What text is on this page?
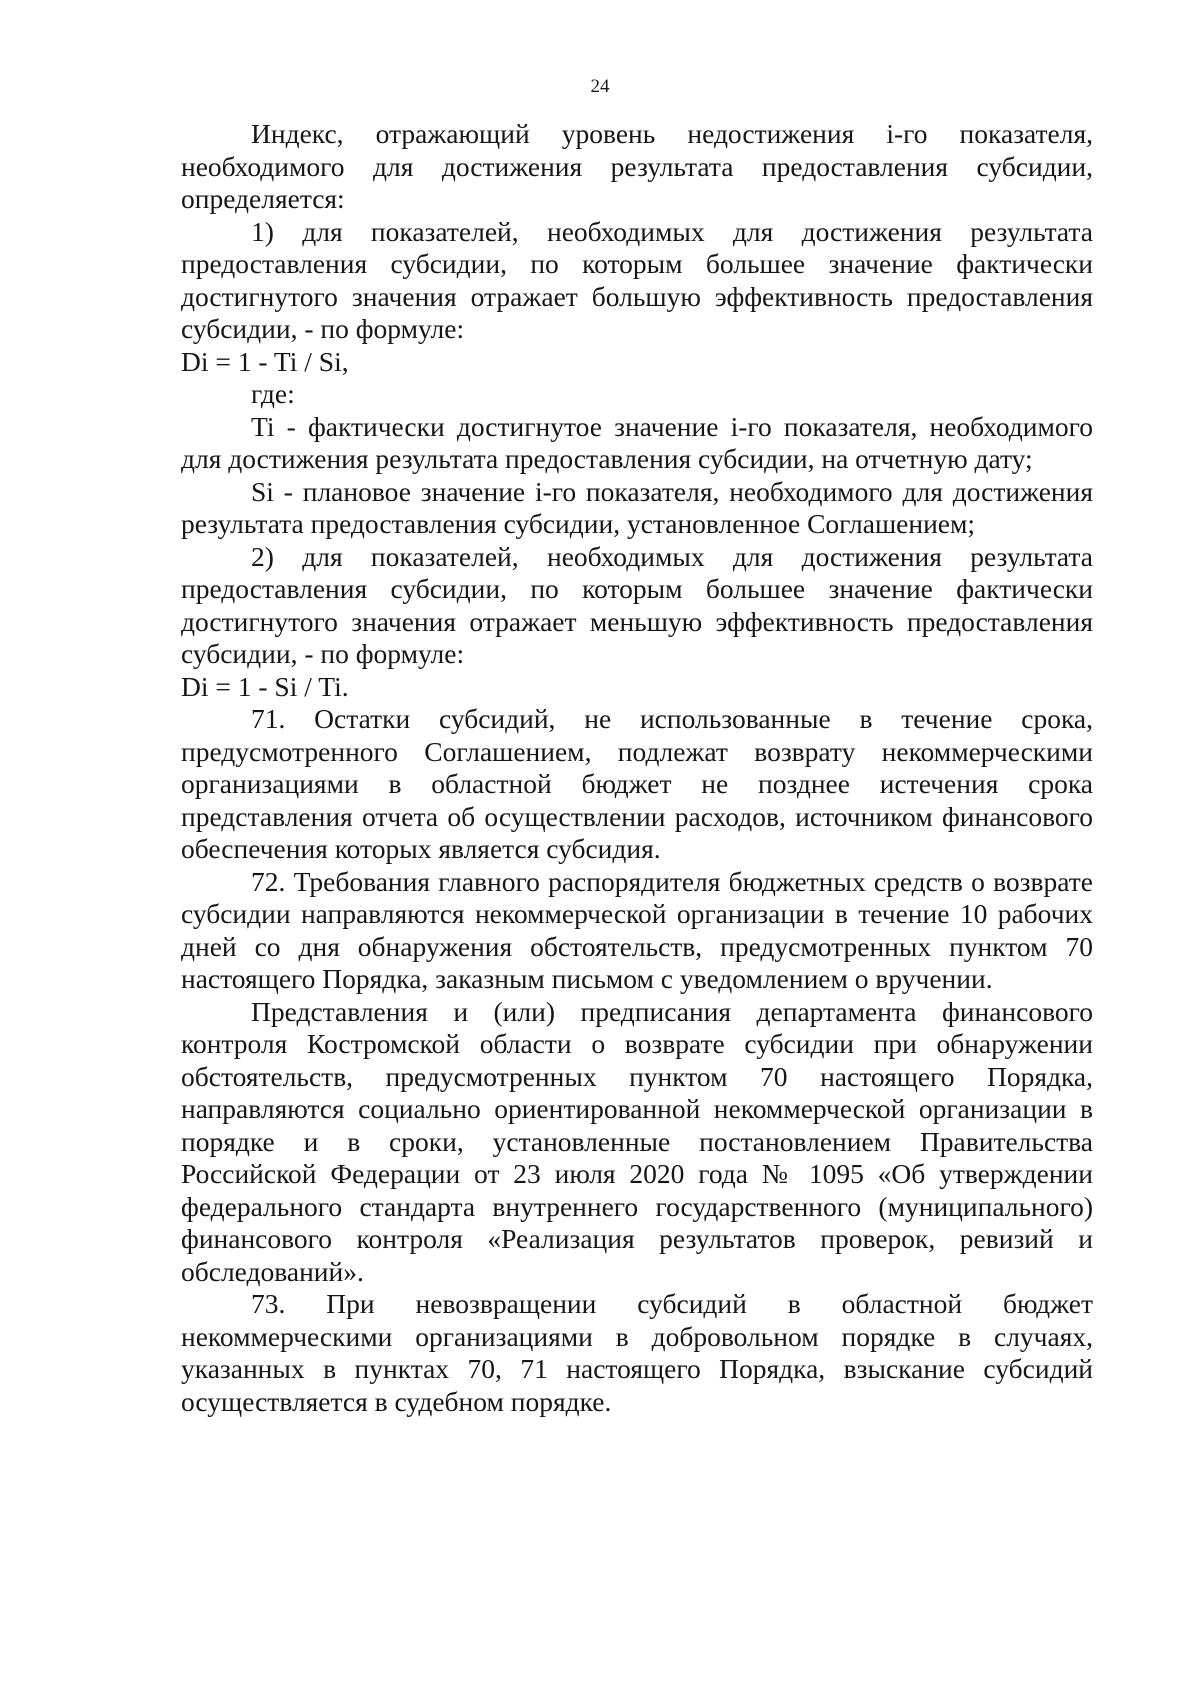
24

Индекс, отражающий уровень недостижения i-го показателя, необходимого для достижения результата предоставления субсидии, определяется:

1) для показателей, необходимых для достижения результата предоставления субсидии, по которым большее значение фактически достигнутого значения отражает большую эффективность предоставления субсидии, - по формуле:

Di = 1 - Ti / Si,

где:

Ti - фактически достигнутое значение i-го показателя, необходимого для достижения результата предоставления субсидии, на отчетную дату;

Si - плановое значение i-го показателя, необходимого для достижения результата предоставления субсидии, установленное Соглашением;

2) для показателей, необходимых для достижения результата предоставления субсидии, по которым большее значение фактически достигнутого значения отражает меньшую эффективность предоставления субсидии, - по формуле:

Di = 1 - Si / Ti.

71. Остатки субсидий, не использованные в течение срока, предусмотренного Соглашением, подлежат возврату некоммерческими организациями в областной бюджет не позднее истечения срока представления отчета об осуществлении расходов, источником финансового обеспечения которых является субсидия.

72. Требования главного распорядителя бюджетных средств о возврате субсидии направляются некоммерческой организации в течение 10 рабочих дней со дня обнаружения обстоятельств, предусмотренных пунктом 70 настоящего Порядка, заказным письмом с уведомлением о вручении.

Представления и (или) предписания департамента финансового контроля Костромской области о возврате субсидии при обнаружении обстоятельств, предусмотренных пунктом 70 настоящего Порядка, направляются социально ориентированной некоммерческой организации в порядке и в сроки, установленные постановлением Правительства Российской Федерации от 23 июля 2020 года № 1095 «Об утверждении федерального стандарта внутреннего государственного (муниципального) финансового контроля «Реализация результатов проверок, ревизий и обследований».

73. При невозвращении субсидий в областной бюджет некоммерческими организациями в добровольном порядке в случаях, указанных в пунктах 70, 71 настоящего Порядка, взыскание субсидий осуществляется в судебном порядке.
